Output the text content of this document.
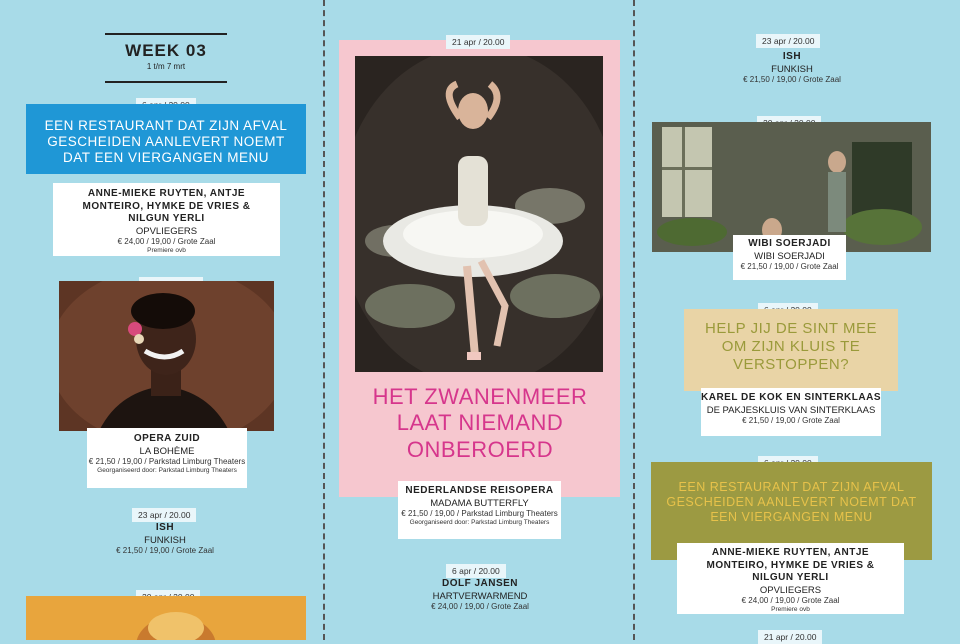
WEEK 03
1 t/m 7 mrt
EEN RESTAURANT DAT ZIJN AFVAL GESCHEIDEN AANLEVERT NOEMT DAT EEN VIERGANGEN MENU
ANNE-MIEKE RUYTEN, ANTJE MONTEIRO, HYMKE DE VRIES & NILGUN YERLI
OPVLIEGERS
€ 24,00 / 19,00 / Grote Zaal
Premiere ovb
OPERA ZUID
LA BOHÈME
€ 21,50 / 19,00 / Parkstad Limburg Theaters
Georganiseerd door: Parkstad Limburg Theaters
23 apr / 20.00
ISH
FUNKISH
€ 21,50 / 19,00 / Grote Zaal
21 apr / 20.00
HET ZWANENMEER LAAT NIEMAND ONBEROERD
NEDERLANDSE REISOPERA
MADAMA BUTTERFLY
€ 21,50 / 19,00 / Parkstad Limburg Theaters
Georganiseerd door: Parkstad Limburg Theaters
6 apr / 20.00
DOLF JANSEN
HARTVERWARMEND
€ 24,00 / 19,00 / Grote Zaal
23 apr / 20.00
ISH
FUNKISH
€ 21,50 / 19,00 / Grote Zaal
WIBI SOERJADI
WIBI SOERJADI
€ 21,50 / 19,00 / Grote Zaal
HELP JIJ DE SINT MEE OM ZIJN KLUIS TE VERSTOPPEN?
KAREL DE KOK EN SINTERKLAAS
DE PAKJESKLUIS VAN SINTERKLAAS
€ 21,50 / 19,00 / Grote Zaal
EEN RESTAURANT DAT ZIJN AFVAL GESCHEIDEN AANLEVERT NOEMT DAT EEN VIERGANGEN MENU
ANNE-MIEKE RUYTEN, ANTJE MONTEIRO, HYMKE DE VRIES & NILGUN YERLI
OPVLIEGERS
€ 24,00 / 19,00 / Grote Zaal
Premiere ovb
21 apr / 20.00
